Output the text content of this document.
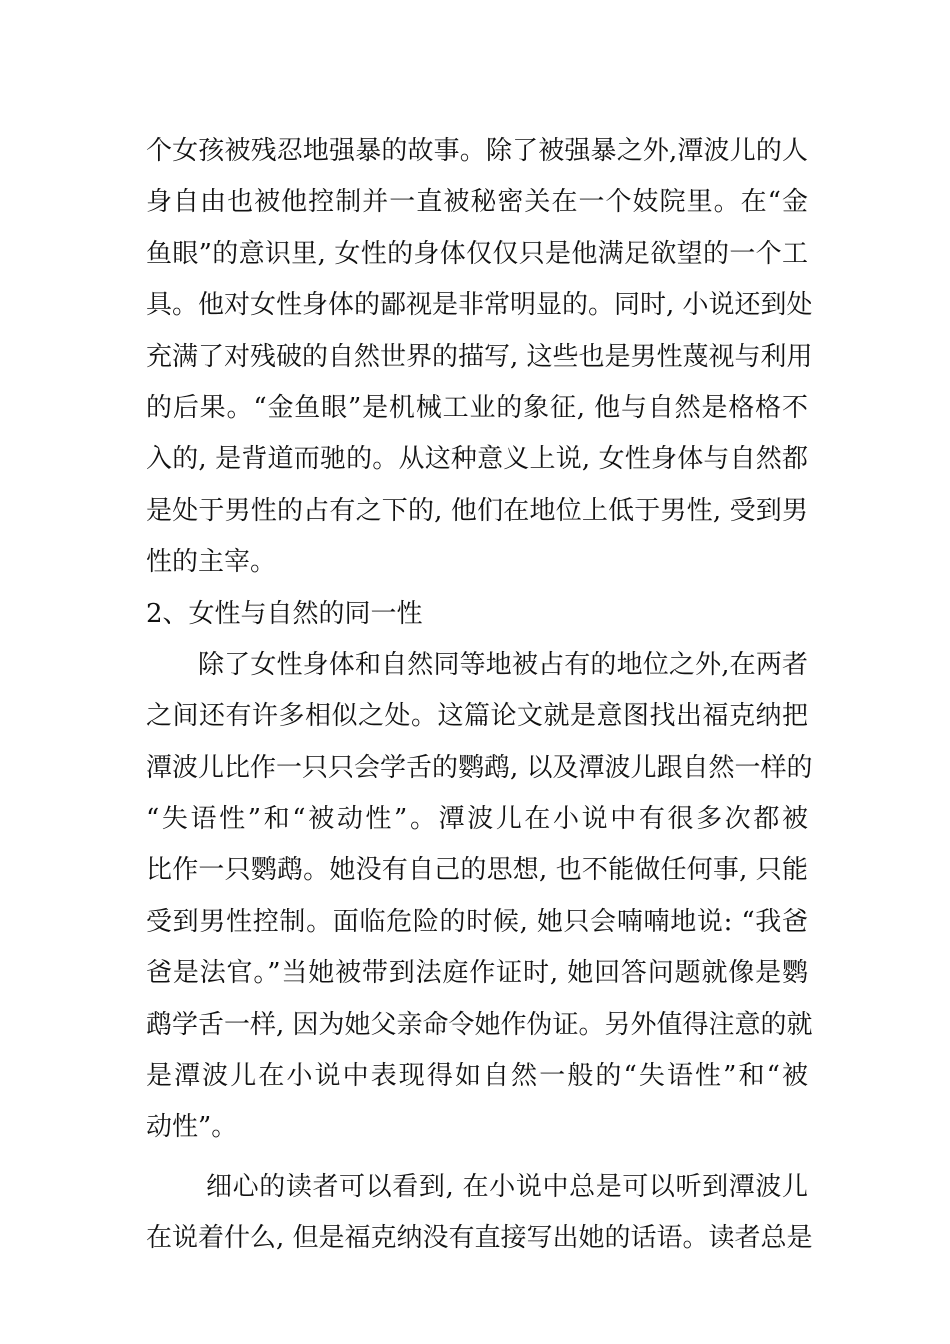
个女孩被残忍地强暴的故事。除了被强暴之外,潭波儿的人
身自由也被他控制并一直被秘密关在一个妓院里。在“金
鱼眼”的意识里, 女性的身体仅仅只是他满足欲望的一个工
具。他对女性身体的鄙视是非常明显的。同时, 小说还到处
充满了对残破的自然世界的描写, 这些也是男性蔑视与利用
的后果。“金鱼眼”是机械工业的象征, 他与自然是格格不
入的, 是背道而驰的。从这种意义上说, 女性身体与自然都
是处于男性的占有之下的, 他们在地位上低于男性, 受到男
性的主宰。
2、女性与自然的同一性
除了女性身体和自然同等地被占有的地位之外,在两者
之间还有许多相似之处。这篇论文就是意图找出福克纳把
潭波儿比作一只只会学舌的鹦鹉, 以及潭波儿跟自然一样的
“失语性”和“被动性”。潭波儿在小说中有很多次都被
比作一只鹦鹉。她没有自己的思想, 也不能做任何事, 只能
受到男性控制。面临危险的时候, 她只会喃喃地说: “我爸
爸是法官。”当她被带到法庭作证时, 她回答问题就像是鹦
鹉学舌一样, 因为她父亲命令她作伪证。另外值得注意的就
是潭波儿在小说中表现得如自然一般的“失语性”和“被
动性”。
细心的读者可以看到, 在小说中总是可以听到潭波儿
在说着什么, 但是福克纳没有直接写出她的话语。读者总是
